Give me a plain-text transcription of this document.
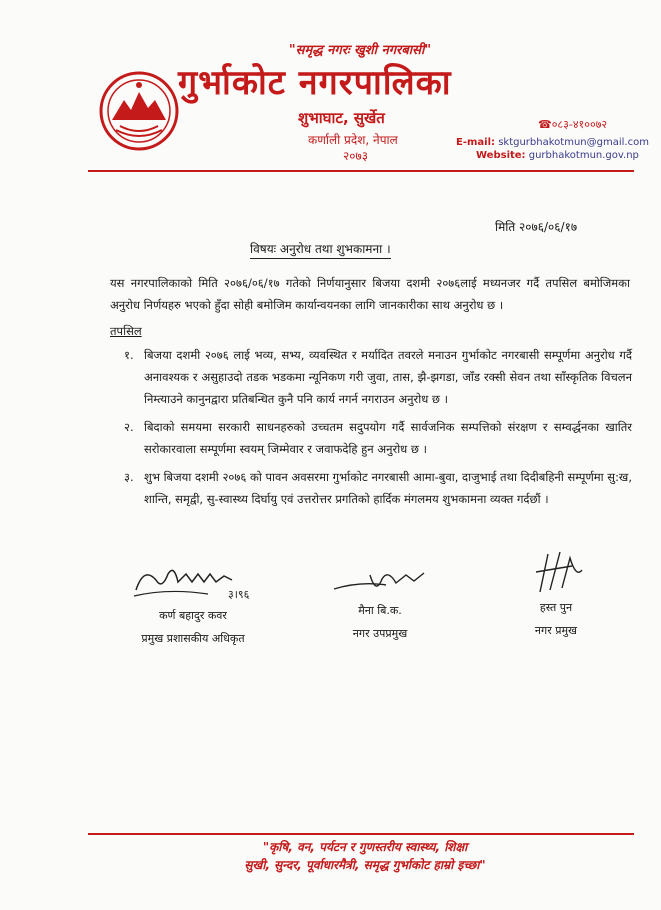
"समृद्ध नगरः खुशी नगरबासी"
गुर्भाकोट नगरपालिका
शुभाघाट, सुर्खेत
कर्णाली प्रदेश, नेपाल
२०७३
☎०८३-४१००७२
E-mail: sktgurbhakotmun@gmail.com
Website: gurbhakotmun.gov.np
मिति २०७६/०६/१७
विषयः अनुरोध तथा शुभकामना ।
यस नगरपालिकाको मिति २०७६/०६/१७ गतेको निर्णयानुसार बिजया दशमी २०७६लाई मध्यनजर गर्दै तपसिल बमोजिमका अनुरोध निर्णयहरु भएको हुँदा सोही बमोजिम कार्यान्वयनका लागि जानकारीका साथ अनुरोध छ ।
तपसिल
१. बिजया दशमी २०७६ लाई भव्य, सभ्य, व्यवस्थित र मर्यादित तवरले मनाउन गुर्भाकोट नगरबासी सम्पूर्णमा अनुरोध गर्दै अनावश्यक र असुहाउदो तडक भडकमा न्यूनिकण गरी जुवा, तास, झै-झगडा, जाँड रक्सी सेवन तथा साँस्कृतिक विचलन निम्त्याउने कानुनद्वारा प्रतिबन्धित कुनै पनि कार्य नगर्न नगराउन अनुरोध छ ।
२. बिदाको समयमा सरकारी साधनहरुको उच्चतम सदुपयोग गर्दै सार्वजनिक सम्पत्तिको संरक्षण र सम्वर्द्धनका खातिर सरोकारवाला सम्पूर्णमा स्वयम् जिम्मेवार र जवाफदेहि हुन अनुरोध छ ।
३. शुभ बिजया दशमी २०७६ को पावन अवसरमा गुर्भाकोट नगरबासी आमा-बुवा, दाजुभाई तथा दिदीबहिनी सम्पूर्णमा सु:ख, शान्ति, समृद्वी, सु-स्वास्थ्य दिर्घायु एवं उत्तरोत्तर प्रगतिको हार्दिक मंगलमय शुभकामना व्यक्त गर्दछौं ।
३।९६
कर्ण बहादुर कवर
प्रमुख प्रशासकीय अधिकृत
मैना बि.क.
नगर उपप्रमुख
हस्त पुन
नगर प्रमुख
"कृषि, वन, पर्यटन र गुणस्तरीय स्वास्थ्य, शिक्षा
सुखी, सुन्दर, पूर्वाधारमैत्री, समृद्ध गुर्भाकोट हाम्रो इच्छा"
